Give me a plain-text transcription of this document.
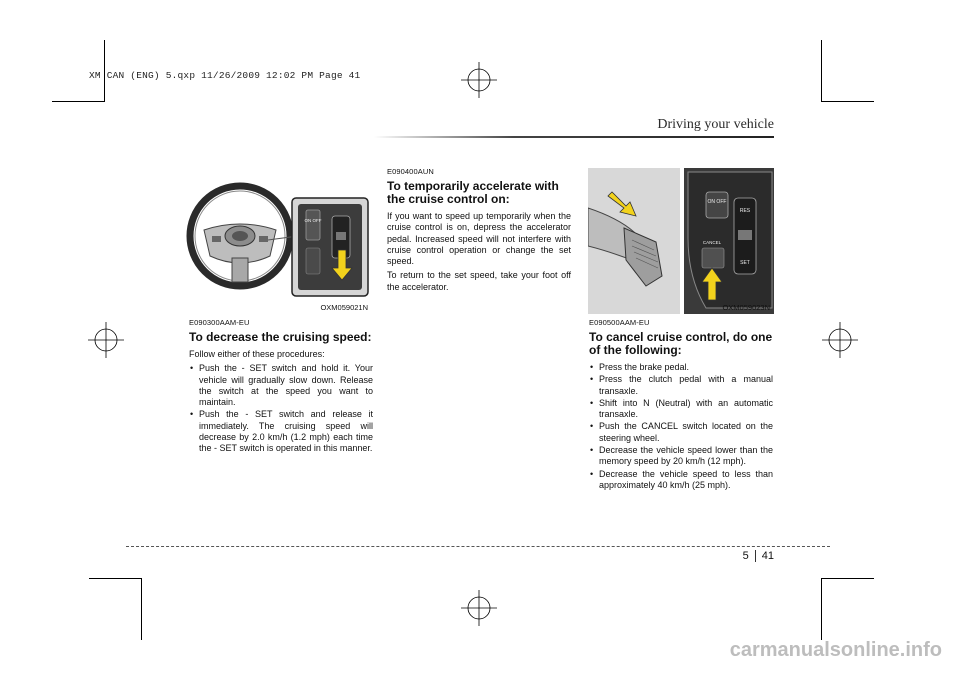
XM CAN (ENG) 5.qxp 11/26/2009 12:02 PM Page 41
Driving your vehicle
ON OFF
OXM059021N
ON OFF
RES
SET
CANCEL
OXM059023N
E090300AAM-EU
To decrease the cruising speed:

Follow either of these procedures:

• Push the - SET switch and hold it. Your vehicle will gradually slow down. Release the switch at the speed you want to maintain.
• Push the - SET switch and release it immediately. The cruising speed will decrease by 2.0 km/h (1.2 mph) each time the - SET switch is operated in this manner.
E090400AUN
To temporarily accelerate with the cruise control on:

If you want to speed up temporarily when the cruise control is on, depress the accelerator pedal. Increased speed will not interfere with cruise control operation or change the set speed.

To return to the set speed, take your foot off the accelerator.

E090500AAM-EU
To cancel cruise control, do one of the following:
• Press the brake pedal.
• Press the clutch pedal with a manual transaxle.
• Shift into N (Neutral) with an automatic transaxle.
• Push the CANCEL switch located on the steering wheel.
• Decrease the vehicle speed lower than the memory speed by 20 km/h (12 mph).
• Decrease the vehicle speed to less than approximately 40 km/h (25 mph).
5 41
carmanualsonline.info
